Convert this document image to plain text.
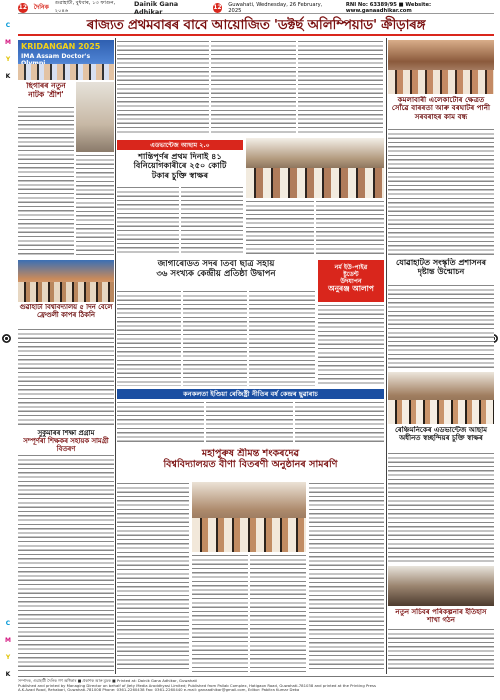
C
M
Y
K
C
M
Y
K
12 দৈনিক
গুৱাহাটী, বুধবাৰ, ১৩ ফাগুন, ২০৪৬
Dainik Gana Adhikar	12 Guwahati, Wednesday, 26 February, 2025
RNI No: 63389/95 ■ Website: www.ganaadhikar.com
ৰাজ্যত প্ৰথমবাৰৰ বাবে আয়োজিত 'ডক্টৰ্ছ অলিম্পিয়াড' ক্ৰীড়াৰঙ্গ
KRIDANGAN 2025
IMA Assam Doctor's
কমলাবাৰী এলেকাটোৰ ক্ষেত্ৰত সোঁৱে বাৰৰতা আৰু বৰঘাটৰ পানী সৰবৰাহৰ কাম বন্ধ
ছিগাৰৰ নতুন নাটক 'শ্ৰীশ'
এডভান্টেজ আছাম ২.০
শান্তিপূৰ্ণৰ প্ৰথম দিনাই ৪১
বিনিয়োগকাৰীৰে ২৫০ কোটি
টকাৰ চুক্তি স্বাক্ষৰ
যোৱাহাটত সংস্কৃতি প্ৰশাসনৰ দৃষ্টান্ত উন্মোচন
গুৱাহাটী বিশ্ববিদ্যালয় ৫ দিন বেলে ফ্ৰেণ্ডলী কাপৰ ঠিকনি
জাগীৰোডত সদৰ তিবা ছাত্ৰ সহায়
৩৬ সংখ্যক কেন্দ্ৰীয় প্ৰতিষ্ঠা উদ্বাপন
নৰ্ম ইউ-পাইৱ
ষ্টুডেন্ট
উদযাপন
অনুৰঞ্জ আলাপ
ৰেঞ্চিমনিকেৰ এডভান্টেজ আছাম অধীনত স্বচ্ছন্দিয়ৰ চুক্তি স্বাক্ষৰ
কনকলতা ইণ্ডিয়া ৰেজিষ্ট্ৰী নীতিৰ বৰ্ষ কেন্দ্ৰৰ ছুৱাৰাচ
সুকুমাৰৰ শিক্ষা প্ৰগ্ৰাম
সম্পূৰ্ণৰা শিক্ষকৰ সহায়ক সামগ্ৰী বিতৰণ	মহাপুৰুষ শ্ৰীমন্ত শংকৰদেৱ
বিশ্ববিদ্যালয়ত বীণা বিতৰণী অনুষ্ঠানৰ সামৰণি
নতুন সচিবৰ পৰিকল্পনাৰ ইতিহাস শাখা গঠন
সম্পাদক, গুৱাহাটী দৈনিক গণ অধিকাৰ ■ প্ৰকাশক আৰু মুদ্ৰক ■ Printed at: Dainik Gana Adhikar, Guwahati
Published and printed by Managing Director on behalf of Jiety Media Aroddhyasi Limited; Published from Pallab Complex, Hatigaon Road, Guwahati-781038 and printed at the Printing Press
A.K.Azad Road, Rehabari, Guwahati-781008 Phone: 0361-2260438 Fax: 0361-2260440 e-mail: ganaadhikar@gmail.com, Editor: Pabitra Kumar Deka
